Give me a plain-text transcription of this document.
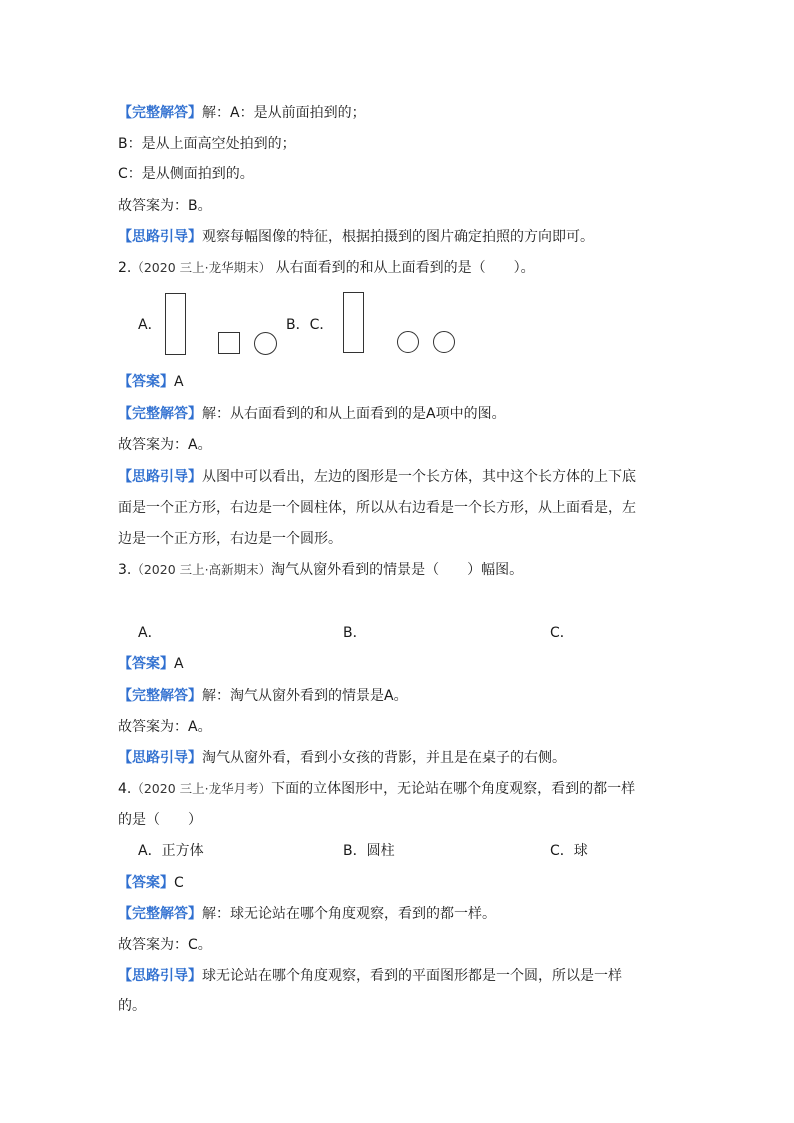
【完整解答】解：A：是从前面拍到的；
B：是从上面高空处拍到的；
C：是从侧面拍到的。
故答案为：B。
【思路引导】观察每幅图像的特征，根据拍摄到的图片确定拍照的方向即可。
2.（2020 三上·龙华期末） 从右面看到的和从上面看到的是（　　）。
A．	B．C．
【答案】A
【完整解答】解：从右面看到的和从上面看到的是A项中的图。
故答案为：A。
【思路引导】从图中可以看出，左边的图形是一个长方体，其中这个长方体的上下底
面是一个正方形，右边是一个圆柱体，所以从右边看是一个长方形，从上面看是，左
边是一个正方形，右边是一个圆形。
3.（2020 三上·高新期末）淘气从窗外看到的情景是（　　）幅图。
A．	B．	C．
【答案】A
【完整解答】解：淘气从窗外看到的情景是A。
故答案为：A。
【思路引导】淘气从窗外看，看到小女孩的背影，并且是在桌子的右侧。
4.（2020 三上·龙华月考）下面的立体图形中，无论站在哪个角度观察，看到的都一样
的是（　　）
A．正方体	B．圆柱	C．球
【答案】C
【完整解答】解：球无论站在哪个角度观察，看到的都一样。
故答案为：C。
【思路引导】球无论站在哪个角度观察，看到的平面图形都是一个圆，所以是一样
的。
